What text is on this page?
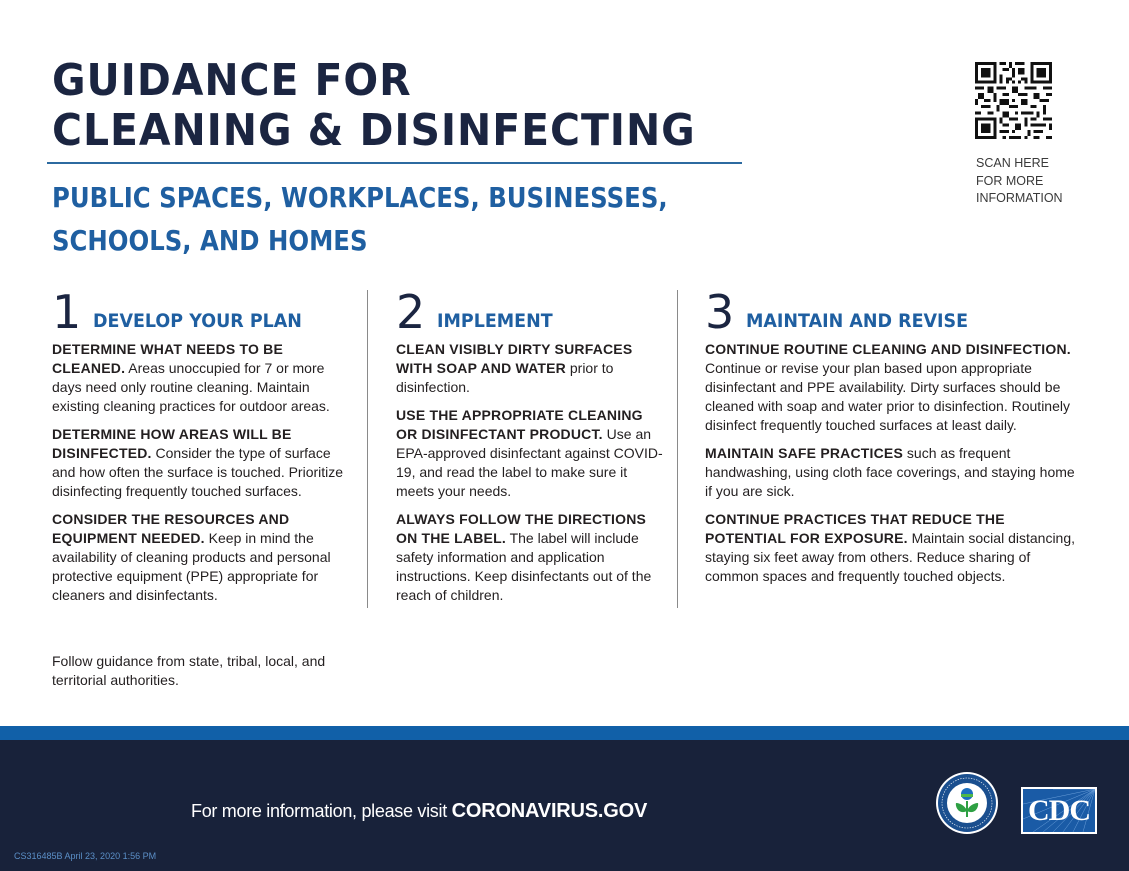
GUIDANCE FOR
CLEANING & DISINFECTING
PUBLIC SPACES, WORKPLACES, BUSINESSES,
SCHOOLS, AND HOMES
SCAN HERE
FOR MORE
INFORMATION
1 DEVELOP YOUR PLAN

DETERMINE WHAT NEEDS TO BE CLEANED. Areas unoccupied for 7 or more days need only routine cleaning. Maintain existing cleaning practices for outdoor areas.

DETERMINE HOW AREAS WILL BE DISINFECTED. Consider the type of surface and how often the surface is touched. Prioritize disinfecting frequently touched surfaces.

CONSIDER THE RESOURCES AND EQUIPMENT NEEDED. Keep in mind the availability of cleaning products and personal protective equipment (PPE) appropriate for cleaners and disinfectants.

2 IMPLEMENT

CLEAN VISIBLY DIRTY SURFACES WITH SOAP AND WATER prior to disinfection.

USE THE APPROPRIATE CLEANING OR DISINFECTANT PRODUCT. Use an EPA-approved disinfectant against COVID-19, and read the label to make sure it meets your needs.

ALWAYS FOLLOW THE DIRECTIONS ON THE LABEL. The label will include safety information and application instructions. Keep disinfectants out of the reach of children.

3 MAINTAIN AND REVISE

CONTINUE ROUTINE CLEANING AND DISINFECTION. Continue or revise your plan based upon appropriate disinfectant and PPE availability. Dirty surfaces should be cleaned with soap and water prior to disinfection. Routinely disinfect frequently touched surfaces at least daily.

MAINTAIN SAFE PRACTICES such as frequent handwashing, using cloth face coverings, and staying home if you are sick.

CONTINUE PRACTICES THAT REDUCE THE POTENTIAL FOR EXPOSURE. Maintain social distancing, staying six feet away from others. Reduce sharing of common spaces and frequently touched objects.

Follow guidance from state, tribal, local, and territorial authorities.

For more information, please visit CORONAVIRUS.GOV
CS316485B April 23, 2020 1:56 PM
CDC
